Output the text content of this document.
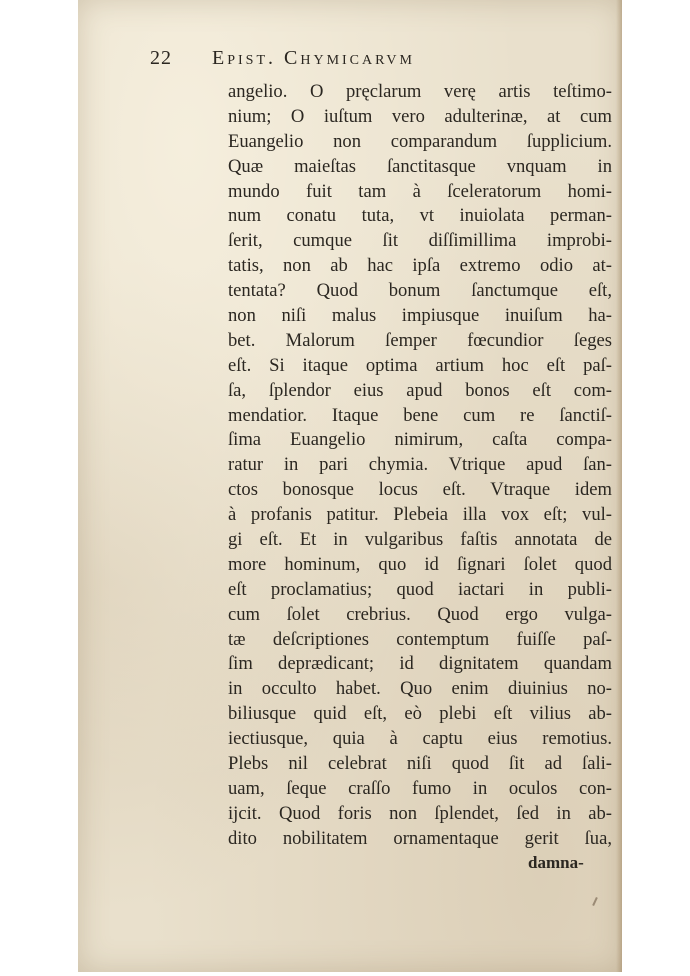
22 Epist. Chymicarvm
angelio. O pręclarum verę artis teſtimo-
nium; O iuſtum vero adulterinæ, at cum
Euangelio non comparandum ſupplicium.
Quæ maieſtas ſanctitasque vnquam in
mundo fuit tam à ſceleratorum homi-
num conatu tuta, vt inuiolata perman-
ſerit, cumque ſit diſſimillima improbi-
tatis, non ab hac ipſa extremo odio at-
tentata? Quod bonum ſanctumque eſt,
non niſi malus impiusque inuiſum ha-
bet. Malorum ſemper fœcundior ſeges
eſt. Si itaque optima artium hoc eſt paſ-
ſa, ſplendor eius apud bonos eſt com-
mendatior. Itaque bene cum re ſanctiſ-
ſima Euangelio nimirum, caſta compa-
ratur in pari chymia. Vtrique apud ſan-
ctos bonosque locus eſt. Vtraque idem
à profanis patitur. Plebeia illa vox eſt; vul-
gi eſt. Et in vulgaribus faſtis annotata de
more hominum, quo id ſignari ſolet quod
eſt proclamatius; quod iactari in publi-
cum ſolet crebrius. Quod ergo vulga-
tæ deſcriptiones contemptum fuiſſe paſ-
ſim deprædicant; id dignitatem quandam
in occulto habet. Quo enim diuinius no-
biliusque quid eſt, eò plebi eſt vilius ab-
iectiusque, quia à captu eius remotius.
Plebs nil celebrat niſi quod ſit ad ſali-
uam, ſeque craſſo fumo in oculos con-
ijcit. Quod foris non ſplendet, ſed in ab-
dito nobilitatem ornamentaque gerit ſua,
damna-
